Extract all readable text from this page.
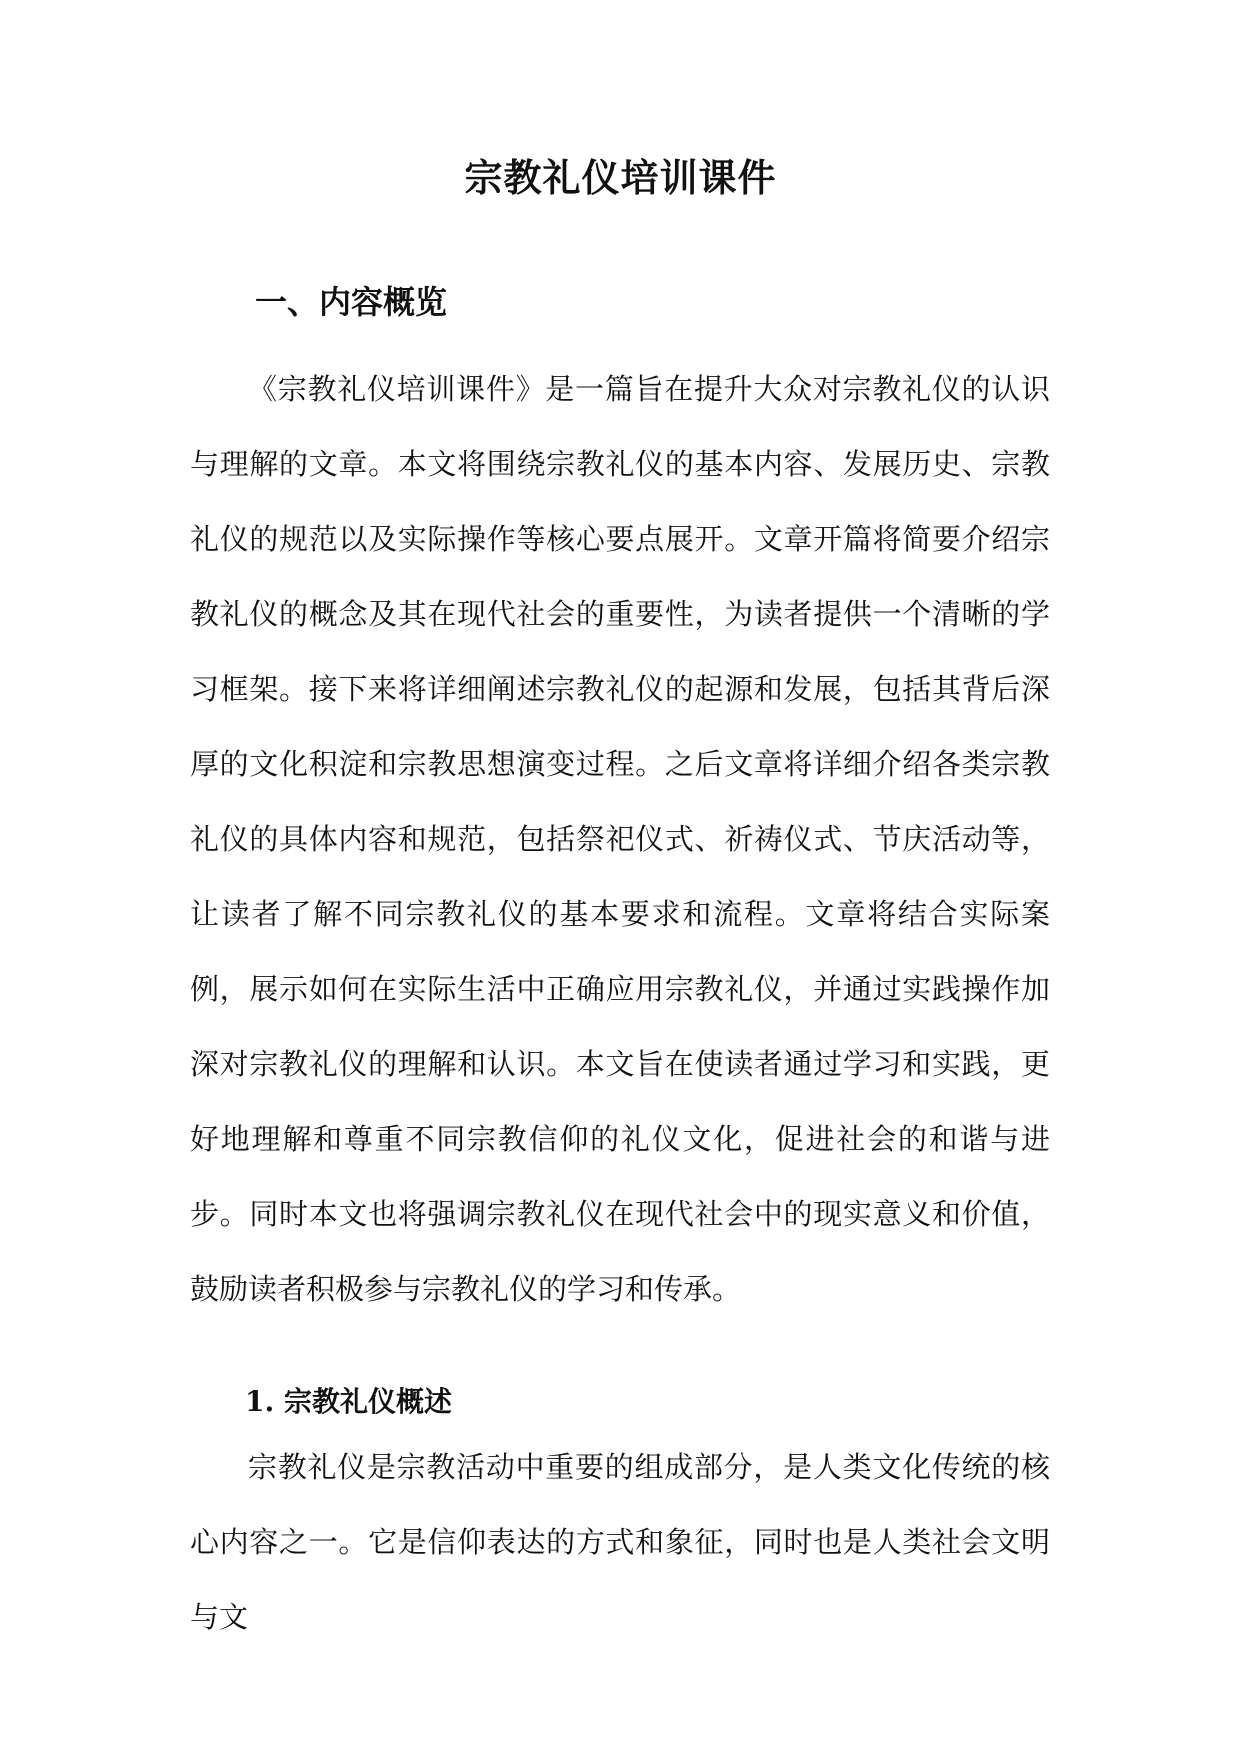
宗教礼仪培训课件
一、内容概览

《宗教礼仪培训课件》是一篇旨在提升大众对宗教礼仪的认识与理解的文章。本文将围绕宗教礼仪的基本内容、发展历史、宗教礼仪的规范以及实际操作等核心要点展开。文章开篇将简要介绍宗教礼仪的概念及其在现代社会的重要性，为读者提供一个清晰的学习框架。接下来将详细阐述宗教礼仪的起源和发展，包括其背后深厚的文化积淀和宗教思想演变过程。之后文章将详细介绍各类宗教礼仪的具体内容和规范，包括祭祀仪式、祈祷仪式、节庆活动等，让读者了解不同宗教礼仪的基本要求和流程。文章将结合实际案例，展示如何在实际生活中正确应用宗教礼仪，并通过实践操作加深对宗教礼仪的理解和认识。本文旨在使读者通过学习和实践，更好地理解和尊重不同宗教信仰的礼仪文化，促进社会的和谐与进步。同时本文也将强调宗教礼仪在现代社会中的现实意义和价值，鼓励读者积极参与宗教礼仪的学习和传承。

1. 宗教礼仪概述

宗教礼仪是宗教活动中重要的组成部分，是人类文化传统的核心内容之一。它是信仰表达的方式和象征，同时也是人类社会文明与文
